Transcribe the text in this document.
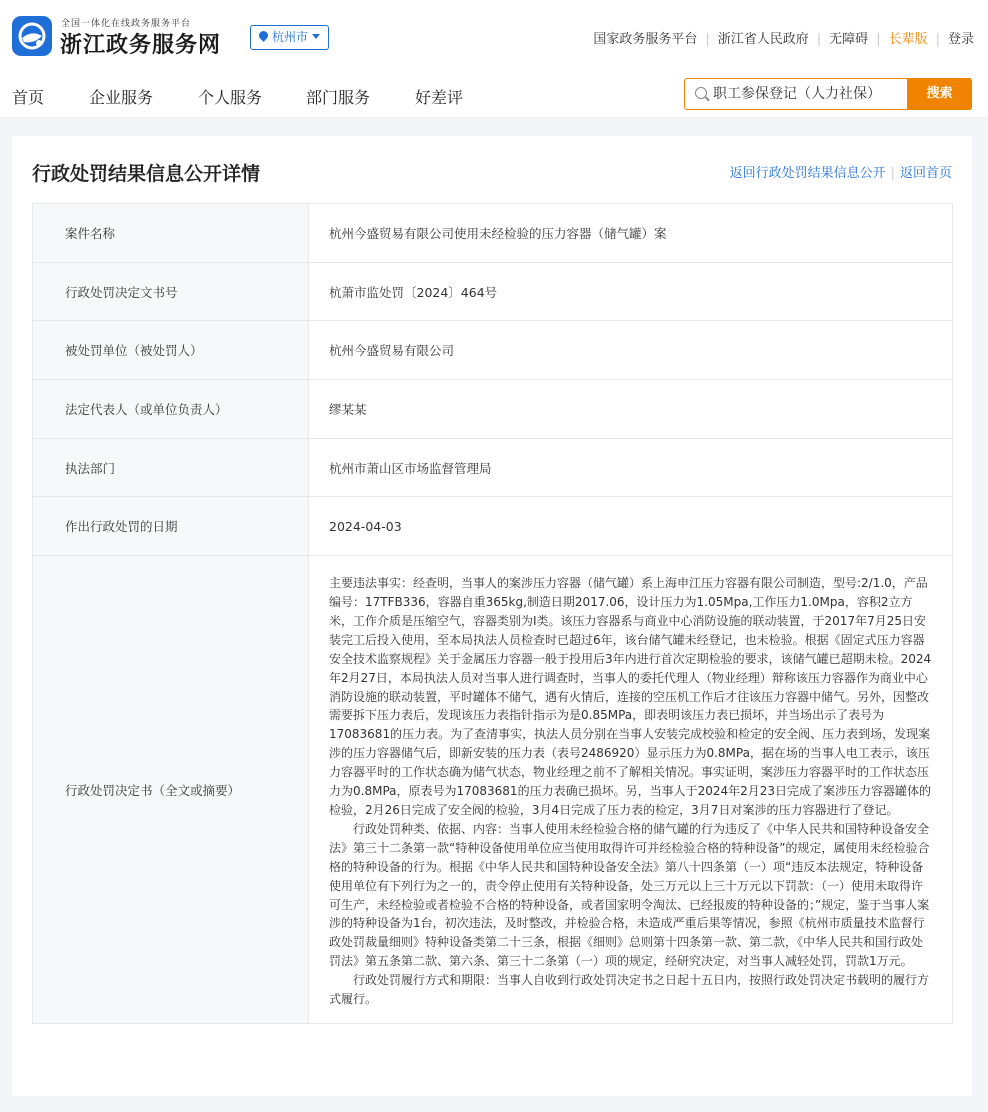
全国一体化在线政务服务平台
浙江政务服务网	杭州市	国家政务服务平台 | 浙江省人民政府 | 无障碍 | 长辈版 | 登录
首页	企业服务	个人服务	部门服务	好差评
职工参保登记（人力社保）	搜索
行政处罚结果信息公开详情	返回行政处罚结果信息公开 | 返回首页
案件名称	杭州今盛贸易有限公司使用未经检验的压力容器（储气罐）案
行政处罚决定文书号	杭萧市监处罚〔2024〕464号
被处罚单位（被处罚人）	杭州今盛贸易有限公司
法定代表人（或单位负责人）	缪某某
执法部门	杭州市萧山区市场监督管理局
作出行政处罚的日期	2024-04-03
行政处罚决定书（全文或摘要）	主要违法事实：经查明，当事人的案涉压力容器（储气罐）系上海申江压力容器有限公司制造，型号:2/1.0，产品编号：17TFB336，容器自重365kg,制造日期2017.06，设计压力为1.05Mpa,工作压力1.0Mpa，容积2立方米，工作介质是压缩空气，容器类别为Ⅰ类。该压力容器系与商业中心消防设施的联动装置，于2017年7月25日安装完工后投入使用，至本局执法人员检查时已超过6年，该台储气罐未经登记，也未检验。根据《固定式压力容器安全技术监察规程》关于金属压力容器一般于投用后3年内进行首次定期检验的要求，该储气罐已超期未检。2024年2月27日，本局执法人员对当事人进行调查时，当事人的委托代理人（物业经理）辩称该压力容器作为商业中心消防设施的联动装置，平时罐体不储气，遇有火情后，连接的空压机工作后才往该压力容器中储气。另外，因整改需要拆下压力表后，发现该压力表指针指示为是0.85MPa，即表明该压力表已损坏，并当场出示了表号为17083681的压力表。为了查清事实，执法人员分别在当事人安装完成校验和检定的安全阀、压力表到场，发现案涉的压力容器储气后，即新安装的压力表（表号2486920）显示压力为0.8MPa，据在场的当事人电工表示，该压力容器平时的工作状态确为储气状态，物业经理之前不了解相关情况。事实证明，案涉压力容器平时的工作状态压力为0.8MPa，原表号为17083681的压力表确已损坏。另，当事人于2024年2月23日完成了案涉压力容器罐体的检验，2月26日完成了安全阀的检验，3月4日完成了压力表的检定，3月7日对案涉的压力容器进行了登记。
行政处罚种类、依据、内容：当事人使用未经检验合格的储气罐的行为违反了《中华人民共和国特种设备安全法》第三十二条第一款“特种设备使用单位应当使用取得许可并经检验合格的特种设备”的规定，属使用未经检验合格的特种设备的行为。根据《中华人民共和国特种设备安全法》第八十四条第（一）项“违反本法规定，特种设备使用单位有下列行为之一的，责令停止使用有关特种设备，处三万元以上三十万元以下罚款：（一）使用未取得许可生产，未经检验或者检验不合格的特种设备，或者国家明令淘汰、已经报废的特种设备的；”规定，鉴于当事人案涉的特种设备为1台，初次违法，及时整改，并检验合格，未造成严重后果等情况，参照《杭州市质量技术监督行政处罚裁量细则》特种设备类第二十三条，根据《细则》总则第十四条第一款、第二款，《中华人民共和国行政处罚法》第五条第二款、第六条、第三十二条第（一）项的规定，经研究决定，对当事人减轻处罚，罚款1万元。
行政处罚履行方式和期限：当事人自收到行政处罚决定书之日起十五日内，按照行政处罚决定书载明的履行方式履行。
